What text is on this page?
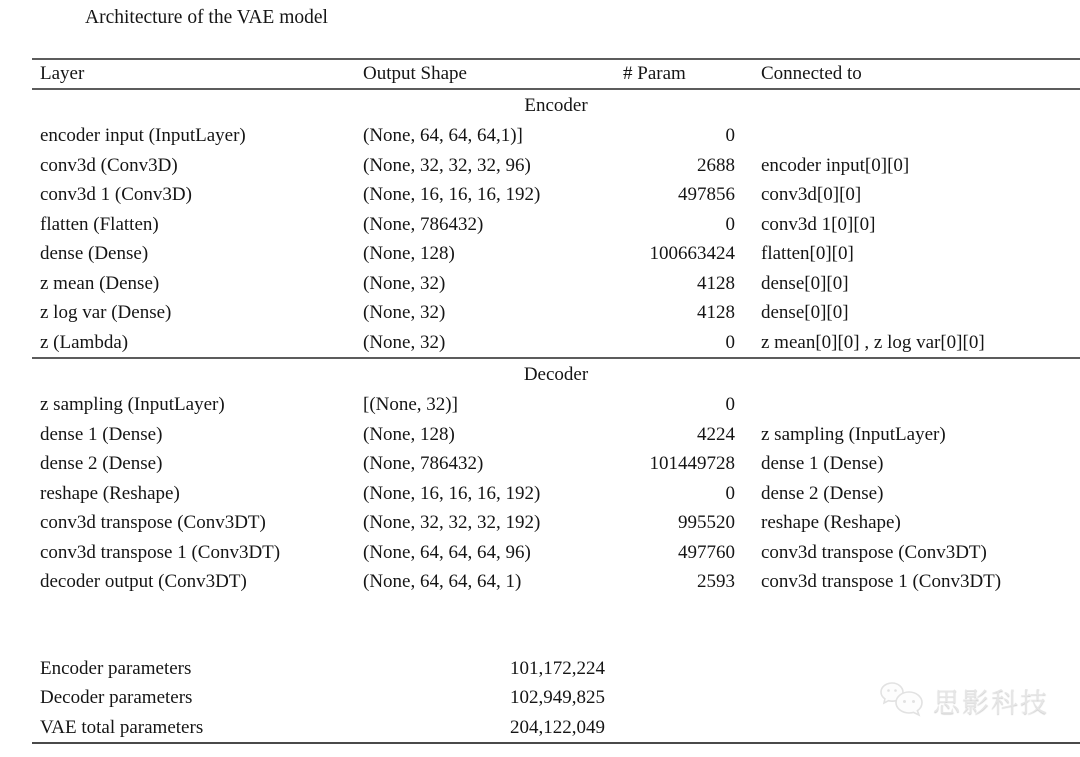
Architecture of the VAE model
Layer	Output Shape	# Param	Connected to
Encoder
encoder input (InputLayer)	(None, 64, 64, 64,1)]	0
conv3d (Conv3D)	(None, 32, 32, 32, 96)	2688	encoder input[0][0]
conv3d 1 (Conv3D)	(None, 16, 16, 16, 192)	497856	conv3d[0][0]
flatten (Flatten)	(None, 786432)	0	conv3d 1[0][0]
dense (Dense)	(None, 128)	100663424	flatten[0][0]
z mean (Dense)	(None, 32)	4128	dense[0][0]
z log var (Dense)	(None, 32)	4128	dense[0][0]
z (Lambda)	(None, 32)	0	z mean[0][0] , z log var[0][0]
Decoder
z sampling (InputLayer)	[(None, 32)]	0
dense 1 (Dense)	(None, 128)	4224	z sampling (InputLayer)
dense 2 (Dense)	(None, 786432)	101449728	dense 1 (Dense)
reshape (Reshape)	(None, 16, 16, 16, 192)	0	dense 2 (Dense)
conv3d transpose (Conv3DT)	(None, 32, 32, 32, 192)	995520	reshape (Reshape)
conv3d transpose 1 (Conv3DT)	(None, 64, 64, 64, 96)	497760	conv3d transpose (Conv3DT)
decoder output (Conv3DT)	(None, 64, 64, 64, 1)	2593	conv3d transpose 1 (Conv3DT)
Encoder parameters	101,172,224
Decoder parameters	102,949,825
VAE total parameters	204,122,049
思影科技
